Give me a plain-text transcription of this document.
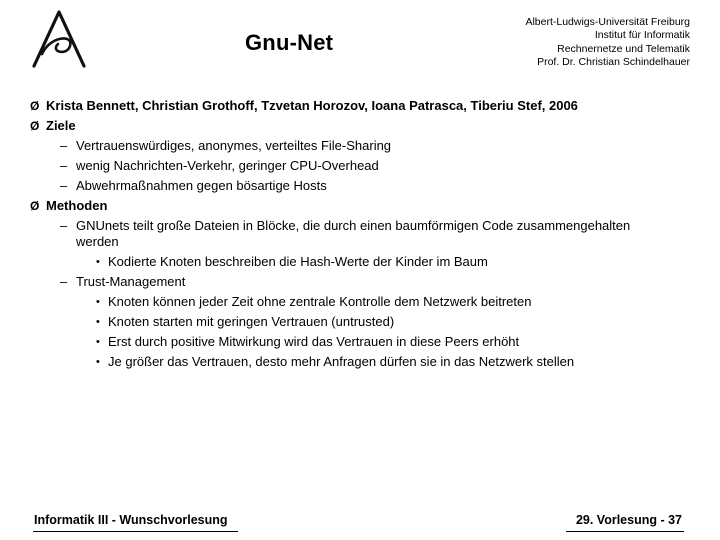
Gnu-Net
Albert-Ludwigs-Universität Freiburg
Institut für Informatik
Rechnernetze und Telematik
Prof. Dr. Christian Schindelhauer
Ø Krista Bennett, Christian Grothoff, Tzvetan Horozov, Ioana Patrasca, Tiberiu Stef, 2006
Ø Ziele
– Vertrauenswürdiges, anonymes, verteiltes File-Sharing
– wenig Nachrichten-Verkehr, geringer CPU-Overhead
– Abwehrmaßnahmen gegen bösartige Hosts
Ø Methoden
– GNUnets teilt große Dateien in Blöcke, die durch einen baumförmigen Code zusammengehalten werden
• Kodierte Knoten beschreiben die Hash-Werte der Kinder im Baum
– Trust-Management
• Knoten können jeder Zeit ohne zentrale Kontrolle dem Netzwerk beitreten
• Knoten starten mit geringen Vertrauen (untrusted)
• Erst durch positive Mitwirkung wird das Vertrauen in diese Peers erhöht
• Je größer das Vertrauen, desto mehr Anfragen dürfen sie in das Netzwerk stellen
Informatik III - Wunschvorlesung	29. Vorlesung - 37
